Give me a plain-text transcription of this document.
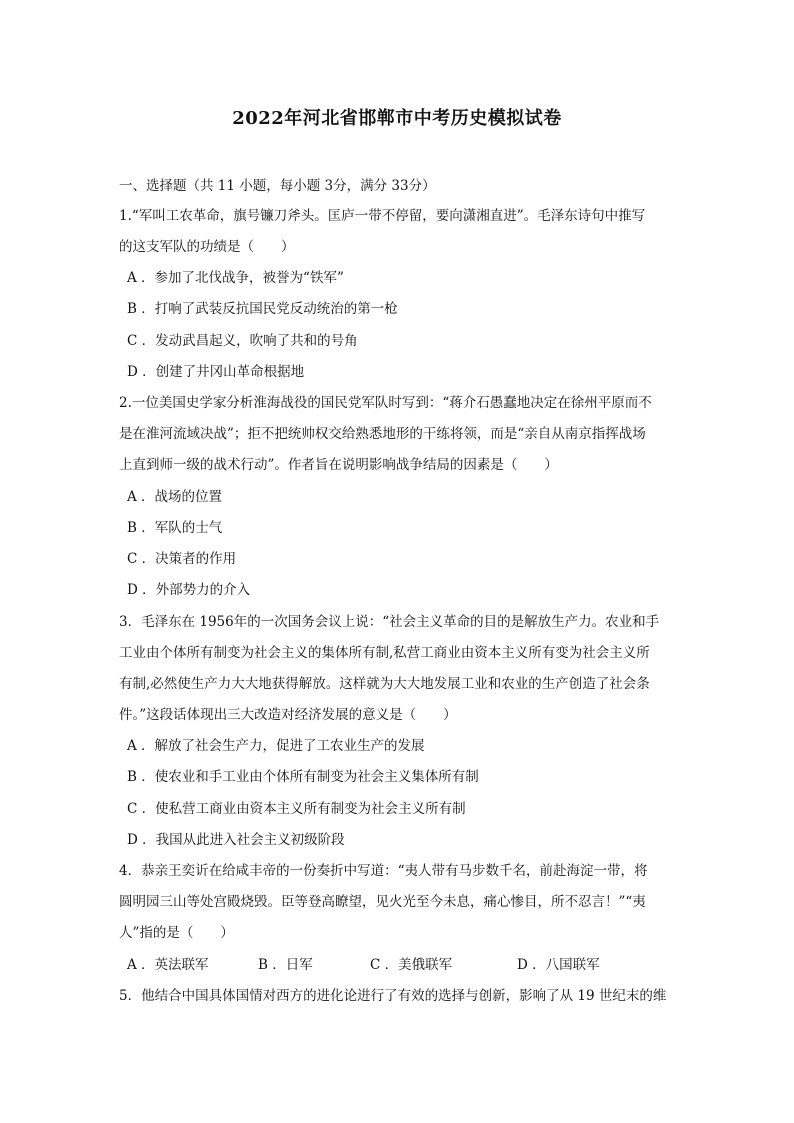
2022年河北省邯郸市中考历史模拟试卷
一、选择题（共 11 小题，每小题 3分，满分 33分）
1.“军叫工农革命，旗号镰刀斧头。匡庐一带不停留，要向潇湘直进”。毛泽东诗句中推写
的这支军队的功绩是（　　）
A ．参加了北伐战争，被誉为“铁军”
B ．打响了武装反抗国民党反动统治的第一枪
C ．发动武昌起义，吹响了共和的号角
D ．创建了井冈山革命根据地
2.一位美国史学家分析淮海战役的国民党军队时写到：“蒋介石愚蠢地决定在徐州平原而不
是在淮河流域决战”；拒不把统帅权交给熟悉地形的干练将领，而是“亲自从南京指挥战场
上直到师一级的战术行动”。作者旨在说明影响战争结局的因素是（　　）
A ．战场的位置
B ．军队的士气
C ．决策者的作用
D ．外部势力的介入
3．毛泽东在 1956年的一次国务会议上说：“社会主义革命的目的是解放生产力。农业和手
工业由个体所有制变为社会主义的集体所有制,私营工商业由资本主义所有变为社会主义所
有制,必然使生产力大大地获得解放。这样就为大大地发展工业和农业的生产创造了社会条
件。”这段话体现出三大改造对经济发展的意义是（　　）
A ．解放了社会生产力，促进了工农业生产的发展
B ．使农业和手工业由个体所有制变为社会主义集体所有制
C ．使私营工商业由资本主义所有制变为社会主义所有制
D ．我国从此进入社会主义初级阶段
4．恭亲王奕䜣在给咸丰帝的一份奏折中写道：“夷人带有马步数千名，前赴海淀一带，将
圆明园三山等处宫殿烧毁。臣等登高瞭望，见火光至今未息，痛心惨目，所不忍言！”“夷
人”指的是（　　）
A ．英法联军	B ．日军	C ．美俄联军	D ．八国联军
5．他结合中国具体国情对西方的进化论进行了有效的选择与创新，影响了从 19 世纪末的维
